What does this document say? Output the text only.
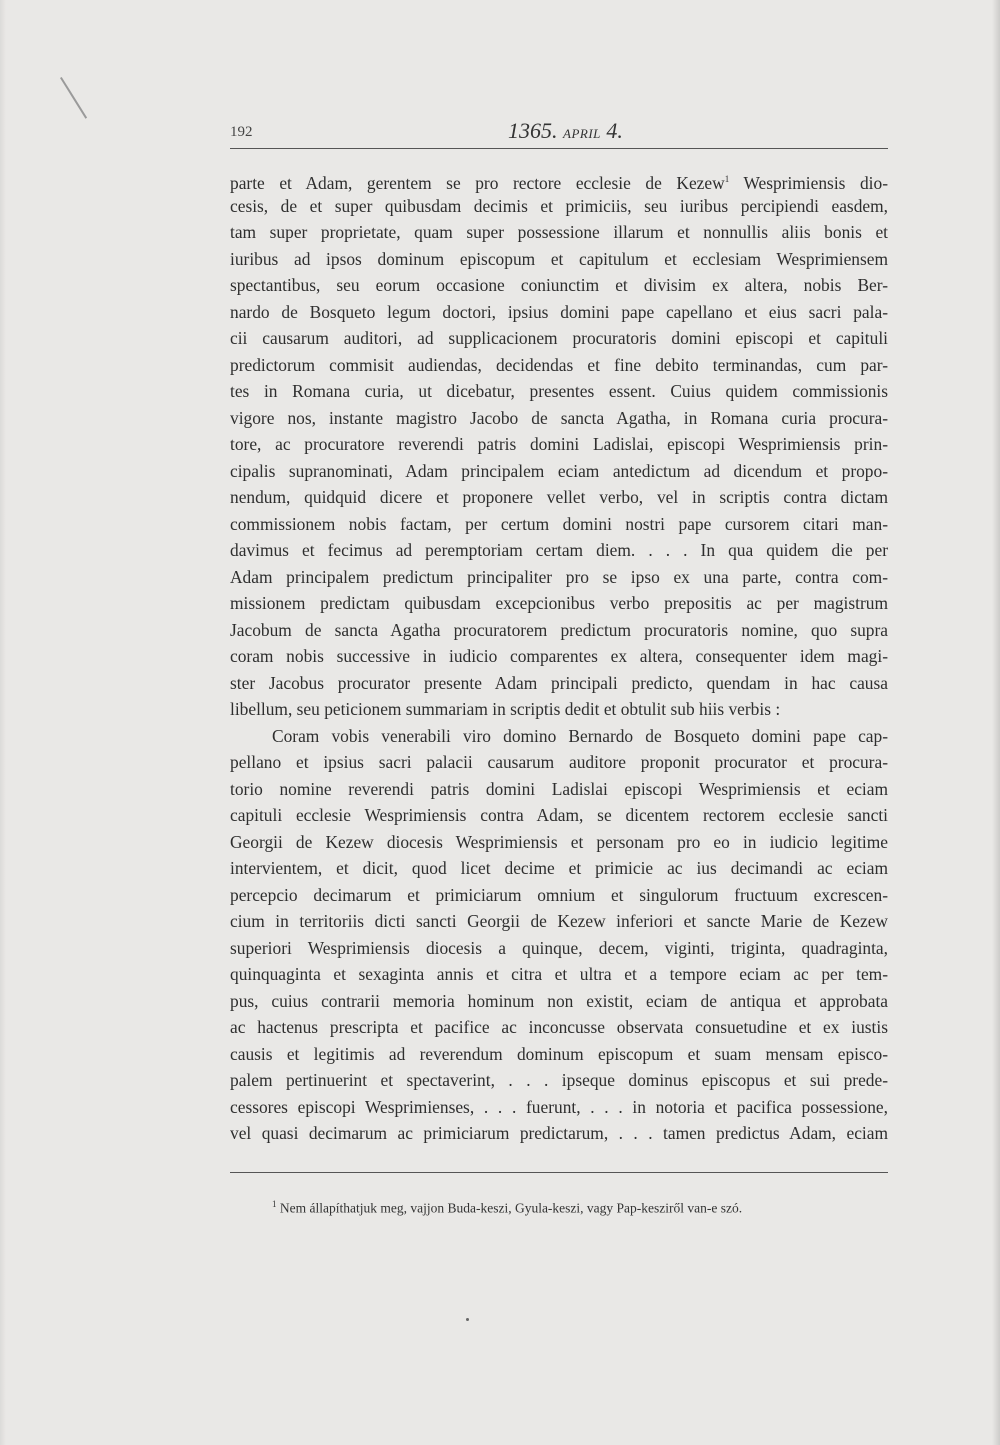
192	1365. APRIL 4.
parte et Adam, gerentem se pro rectore ecclesie de Kezew$^1$ Wesprimiensis dio-
cesis, de et super quibusdam decimis et primiciis, seu iuribus percipiendi easdem,
tam super proprietate, quam super possessione illarum et nonnullis aliis bonis et
iuribus ad ipsos dominum episcopum et capitulum et ecclesiam Wesprimiensem
spectantibus, seu eorum occasione coniunctim et divisim ex altera, nobis Ber-
nardo de Bosqueto legum doctori, ipsius domini pape capellano et eius sacri pala-
cii causarum auditori, ad supplicacionem procuratoris domini episcopi et capituli
predictorum commisit audiendas, decidendas et fine debito terminandas, cum par-
tes in Romana curia, ut dicebatur, presentes essent. Cuius quidem commissionis
vigore nos, instante magistro Jacobo de sancta Agatha, in Romana curia procura-
tore, ac procuratore reverendi patris domini Ladislai, episcopi Wesprimiensis prin-
cipalis supranominati, Adam principalem eciam antedictum ad dicendum et propo-
nendum, quidquid dicere et proponere vellet verbo, vel in scriptis contra dictam
commissionem nobis factam, per certum domini nostri pape cursorem citari man-
davimus et fecimus ad peremptoriam certam diem. . . . In qua quidem die per
Adam principalem predictum principaliter pro se ipso ex una parte, contra com-
missionem predictam quibusdam excepcionibus verbo prepositis ac per magistrum
Jacobum de sancta Agatha procuratorem predictum procuratoris nomine, quo supra
coram nobis successive in iudicio comparentes ex altera, consequenter idem magi-
ster Jacobus procurator presente Adam principali predicto, quendam in hac causa
libellum, seu peticionem summariam in scriptis dedit et obtulit sub hiis verbis :
Coram vobis venerabili viro domino Bernardo de Bosqueto domini pape cap-
pellano et ipsius sacri palacii causarum auditore proponit procurator et procura-
torio nomine reverendi patris domini Ladislai episcopi Wesprimiensis et eciam
capituli ecclesie Wesprimiensis contra Adam, se dicentem rectorem ecclesie sancti
Georgii de Kezew diocesis Wesprimiensis et personam pro eo in iudicio legitime
intervientem, et dicit, quod licet decime et primicie ac ius decimandi ac eciam
percepcio decimarum et primiciarum omnium et singulorum fructuum excrescen-
cium in territoriis dicti sancti Georgii de Kezew inferiori et sancte Marie de Kezew
superiori Wesprimiensis diocesis a quinque, decem, viginti, triginta, quadraginta,
quinquaginta et sexaginta annis et citra et ultra et a tempore eciam ac per tem-
pus, cuius contrarii memoria hominum non existit, eciam de antiqua et approbata
ac hactenus prescripta et pacifice ac inconcusse observata consuetudine et ex iustis
causis et legitimis ad reverendum dominum episcopum et suam mensam episco-
palem pertinuerint et spectaverint, . . . ipseque dominus episcopus et sui prede-
cessores episcopi Wesprimienses, . . . fuerunt, . . . in notoria et pacifica possessione,
vel quasi decimarum ac primiciarum predictarum, . . . tamen predictus Adam, eciam
$^1$ Nem állapíthatjuk meg, vajjon Buda-keszi, Gyula-keszi, vagy Pap-kesziről van-e szó.
